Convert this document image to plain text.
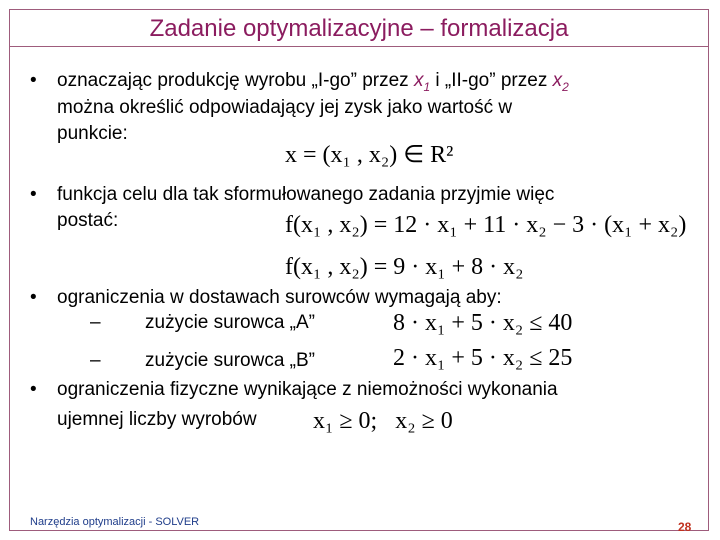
Zadanie optymalizacyjne – formalizacja
• oznaczając produkcję wyrobu „I-go” przez $x_1$ i „II-go” przez $x_2$
można określić odpowiadający jej zysk jako wartość w
punkcie:
x = (x₁ , x₂) ∈ R²
• funkcja celu dla tak sformułowanego zadania przyjmie więc
postać:	f(x₁ , x₂) = 12 · x₁ + 11 · x₂ − 3 · (x₁ + x₂)
f(x₁ , x₂) = 9 · x₁ + 8 · x₂
• ograniczenia w dostawach surowców wymagają aby:
– zużycie surowca „A”	8 · x₁ + 5 · x₂ ≤ 40
– zużycie surowca „B”	2 · x₁ + 5 · x₂ ≤ 25
• ograniczenia fizyczne wynikające z niemożności wykonania
ujemnej liczby wyrobów x₁ ≥ 0;   x₂ ≥ 0
Narzędzia optymalizacji - SOLVER	28
